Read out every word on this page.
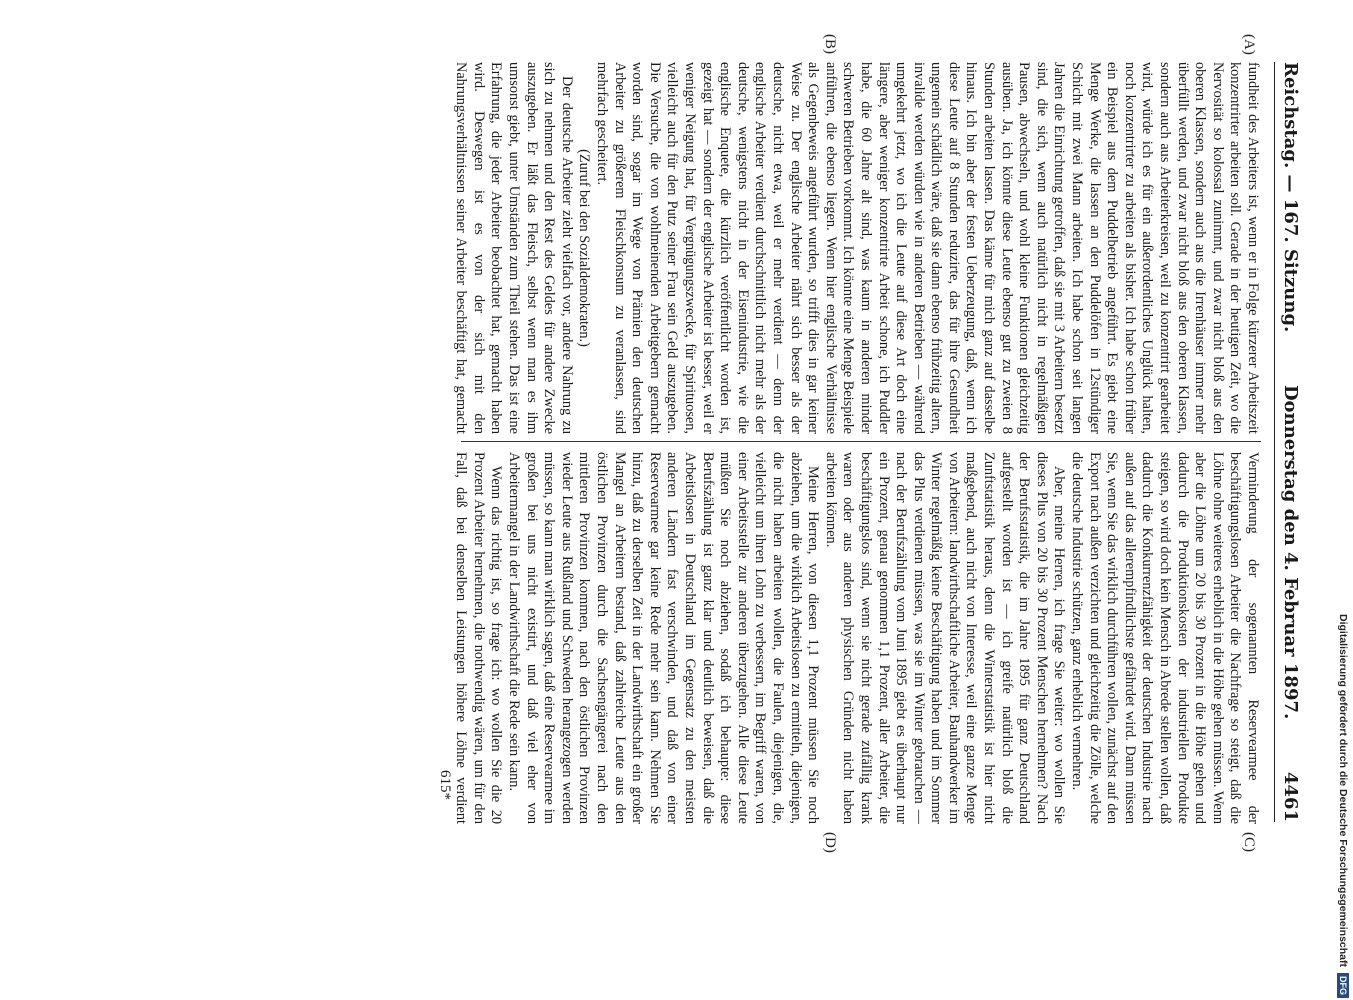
Reichstag. — 167. Sitzung.
Donnerstag den 4. Februar 1897.
4461
(A)
(B)
(C)
(D)

fundheit des Arbeiters ist, wenn er in Folge kürzerer Arbeitszeit konzentrirter arbeiten soll. Gerade in der heutigen Zeit, wo die Nervosität so kolossal zunimmt, und zwar nicht bloß aus den oberen Klassen, sondern auch aus die Irrenhäuser immer mehr überfüllt werden, und zwar nicht bloß aus den oberen Klassen, sondern auch aus Arbeiterkreisen, weil zu konzentrirt gearbeitet wird, würde ich es für ein außerordentliches Unglück halten, noch konzentrirter zu arbeiten als bisher. Ich habe schon früher ein Beispiel aus dem Puddelbetrieb angeführt. Es giebt eine Menge Werke, die lassen an den Puddelöfen in 12stündiger Schicht mit zwei Mann arbeiten. Ich habe schon seit langen Jahren die Einrichtung getroffen, daß sie mit 3 Arbeitern besetzt sind, die sich, wenn auch natürlich nicht in regelmäßigen Pausen, abwechseln, und wohl kleine Funktionen gleichzeitig ausüben. Ja, ich könnte diese Leute ebenso gut zu zweien 8 Stunden arbeiten lassen. Das käme für mich ganz auf dasselbe hinaus. Ich bin aber der festen Ueberzeugung, daß, wenn ich diese Leute auf 8 Stunden reduzirte, das für ihre Gesundheit ungemein schädlich wäre, daß sie dann ebenso frühzeitig altern, invalide werden würden wie in anderen Betrieben — während umgekehrt jetzt, wo ich die Leute auf diese Art doch eine längere, aber weniger konzentrirte Arbeit schone, ich Puddler habe, die 60 Jahre alt sind, was kaum in anderen minder schweren Betrieben vorkommt. Ich könnte eine Menge Beispiele anführen, die ebenso liegen. Wenn hier englische Verhältnisse als Gegenbeweis angeführt wurden, so trifft dies in gar keiner Weise zu. Der englische Arbeiter nährt sich besser als der deutsche, nicht etwa, weil er mehr verdient — denn der englische Arbeiter verdient durchschnittlich nicht mehr als der deutsche, wenigstens nicht in der Eisenindustrie, wie die englische Enquete, die kürzlich veröffentlicht worden ist, gezeigt hat — sondern der englische Arbeiter ist besser, weil er weniger Neigung hat, für Vergnügungszwecke, für Spirituosen, vielleicht auch für den Putz seiner Frau sein Geld auszugeben. Die Versuche, die von wohlmeinenden Arbeitgebern gemacht worden sind, sogar im Wege von Prämien den deutschen Arbeiter zu größerem Fleischkonsum zu veranlassen, sind mehrfach gescheitert.

(Zuruf bei den Sozialdemokraten.)

Der deutsche Arbeiter zieht vielfach vor, andere Nahrung zu sich zu nehmen und den Rest des Geldes für andere Zwecke auszugeben. Er läßt das Fleisch, selbst wenn man es ihm umsonst giebt, unter Umständen zum Theil stehen. Das ist eine Erfahrung, die jeder Arbeiter beobachtet hat, gemacht haben wird. Deswegen ist es von der sich mit den Nahrungsverhältnissen seiner Arbeiter beschäftigt hat, gemacht

Verminderung der sogenannten Reservearmee der beschäftigungslosen Arbeiter die Nachfrage so steigt, daß die Löhne ohne weiteres erheblich in die Höhe gehen müssen. Wenn aber die Löhne um 20 bis 30 Prozent in die Höhe gehen und dadurch die Produktionskosten der industriellen Produkte steigen, so wird doch kein Mensch in Abrede stellen wollen, daß dadurch die Konkurrenzfähigkeit der deutschen Industrie nach außen auf das allerempfindlichste gefährdet wird. Dann müssen Sie, wenn Sie das wirklich durchführen wollen, zunächst auf den Export nach außen verzichten und gleichzeitig die Zölle, welche die deutsche Industrie schützen, ganz erheblich vermehren.

Aber, meine Herren, ich frage Sie weiter: wo wollen Sie dieses Plus von 20 bis 30 Prozent Menschen hernehmen? Nach der Berufsstatistik, die im Jahre 1895 für ganz Deutschland aufgestellt worden ist — ich greife natürlich bloß die Zunftstatistik heraus, denn die Winterstatistik ist hier nicht maßgebend, auch nicht von Interesse, weil eine ganze Menge von Arbeitern: landwirthschaftliche Arbeiter, Bauhandwerker im Winter regelmäßig keine Beschäftigung haben und im Sommer das Plus verdienen müssen, was sie im Winter gebrauchen — nach der Berufszählung vom Juni 1895 giebt es überhaupt nur ein Prozent, genau genommen 1,1 Prozent, aller Arbeiter, die beschäftigungslos sind, wenn sie nicht gerade zufällig krank waren oder aus anderen physischen Gründen nicht haben arbeiten können.

Meine Herren, von diesen 1,1 Prozent müssen Sie noch abziehen, um die wirklich Arbeitslosen zu ermitteln, diejenigen, die nicht haben arbeiten wollen, die Faulen, diejenigen, die, vielleicht um ihren Lohn zu verbessern, im Begriff waren, von einer Arbeitsstelle zur anderen überzugehen. Alle diese Leute müßten Sie noch abziehen, sodaß ich behaupte: diese Berufszählung ist ganz klar und deutlich beweisen, daß die Arbeitslosen in Deutschland im Gegensatz zu den meisten anderen Ländern fast verschwinden, und daß von einer Reservearmee gar keine Rede mehr sein kann. Nehmen Sie hinzu, daß zu derselben Zeit in der Landwirthschaft ein großer Mangel an Arbeitern bestand, daß zahlreiche Leute aus den östlichen Provinzen durch die Sachsengängerei nach den mittleren Provinzen kommen, nach den östlichen Provinzen wieder Leute aus Rußland und Schweden herangezogen werden müssen, so kann man wirklich sagen, daß eine Reservearmee im großen bei uns nicht existirt, und daß viel eher von Arbeitermangel in der Landwirthschaft die Rede sein kann.

Wenn das richtig ist, so frage ich: wo wollen Sie die 20 Prozent Arbeiter hernehmen, die nothwendig wären, um für den Fall, daß bei denselben Leistungen höhere Löhne verdient

615*	Digitalisierung gefördert durch die Deutsche Forschungsgemeinschaft
DFG
